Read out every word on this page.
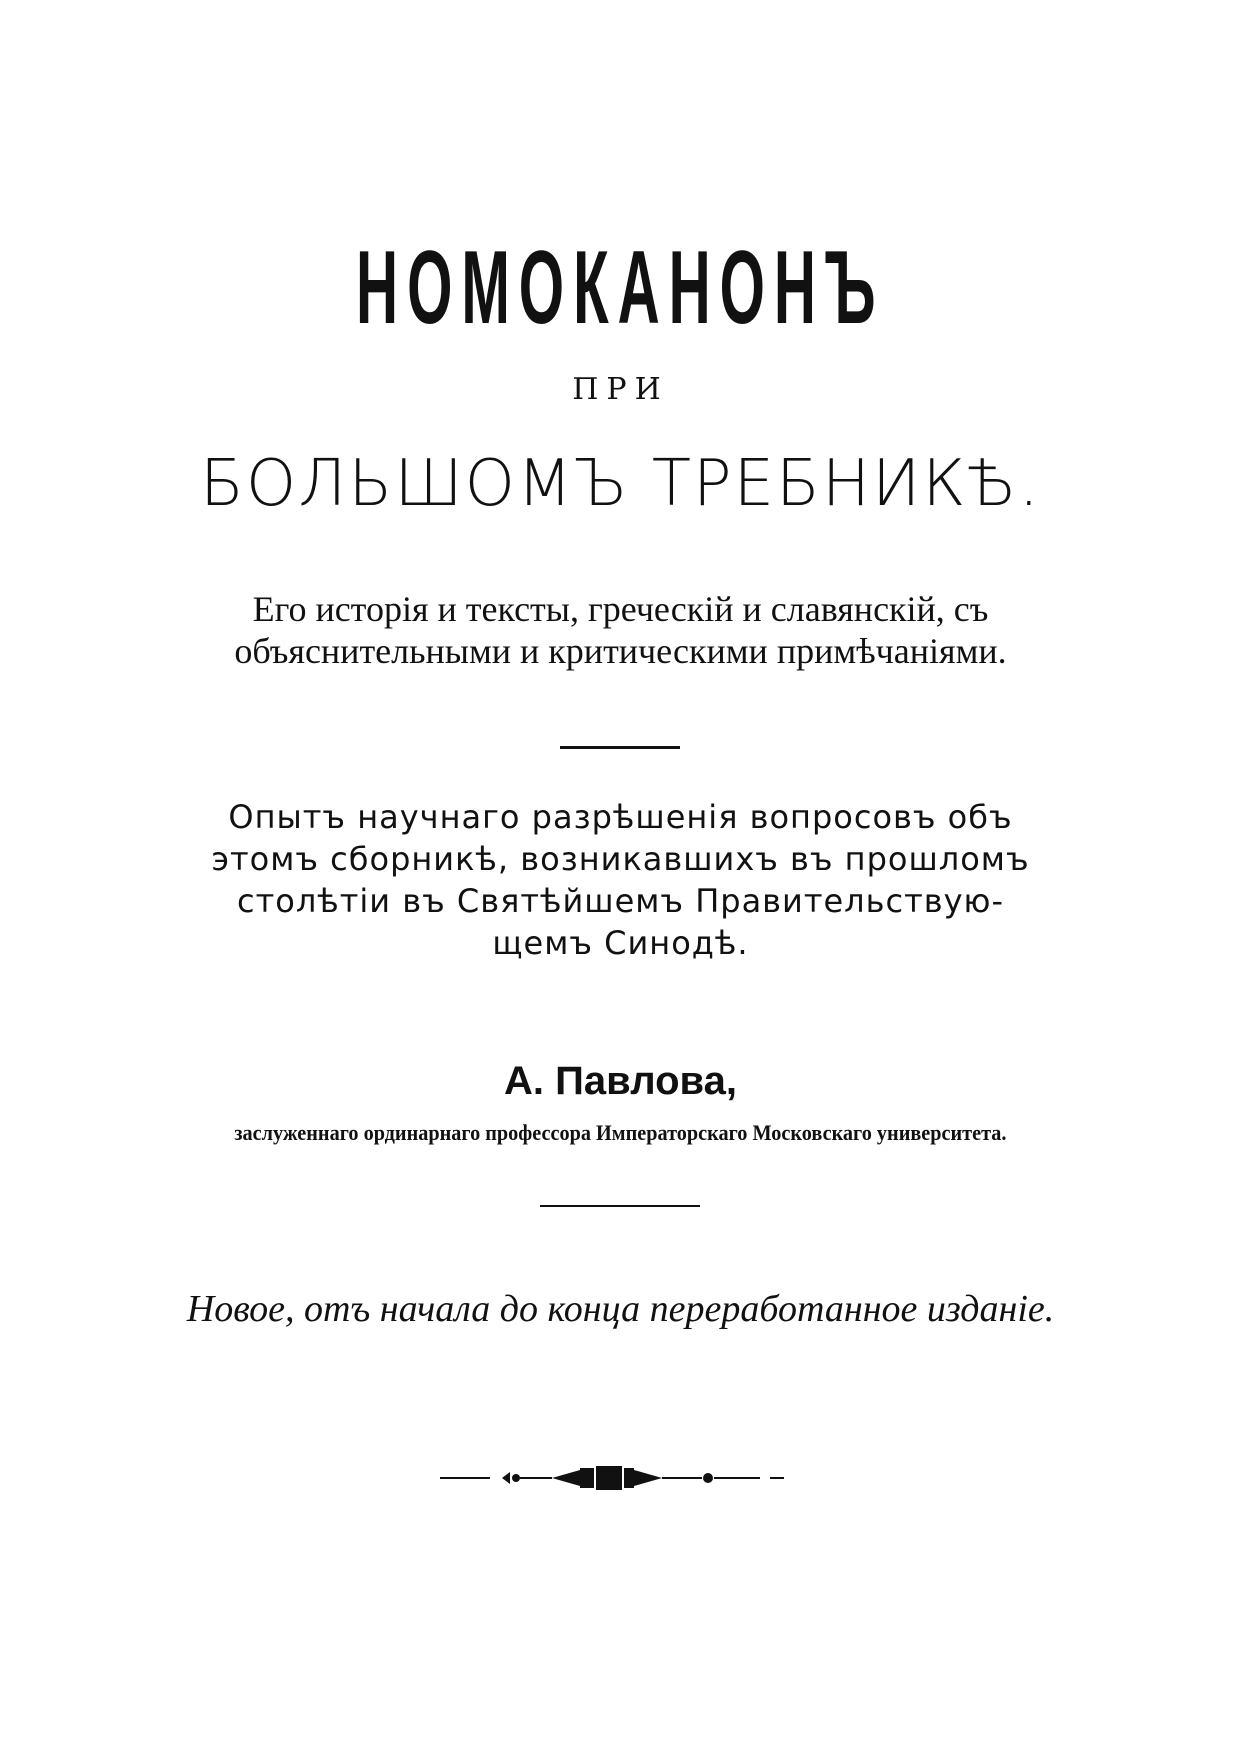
НОМОКАНОНЪ
ПРИ
БОЛЬШОМЪ ТРЕБНИКѢ.
Его исторія и тексты, греческій и славянскій, съ
объяснительными и критическими примѣчаніями.
Опытъ научнаго разрѣшенія вопросовъ объ
этомъ сборникѣ, возникавшихъ въ прошломъ
столѣтіи въ Святѣйшемъ Правительствую-
щемъ Синодѣ.
А. Павлова,
заслуженнаго ординарнаго профессора Императорскаго Московскаго университета.
Новое, отъ начала до конца переработанное изданіе.
